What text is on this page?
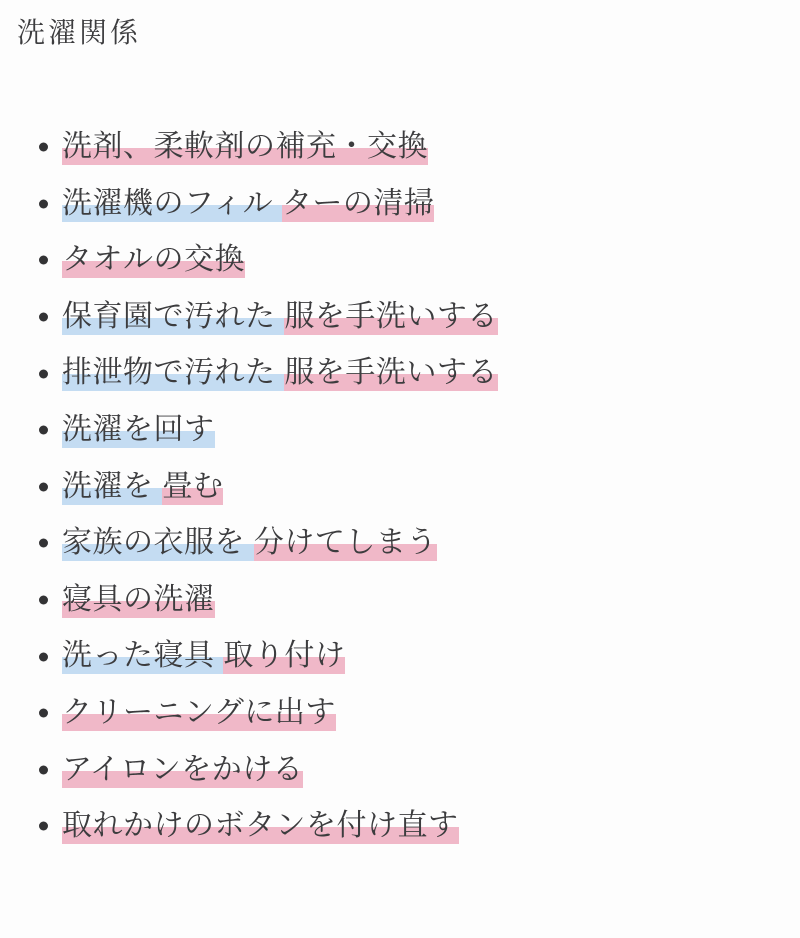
洗濯関係
洗剤、柔軟剤の補充・交換
洗濯機のフィル ターの清掃
タオルの交換
保育園で汚れた 服を手洗いする
排泄物で汚れた 服を手洗いする
洗濯を回す
洗濯を 畳む
家族の衣服を 分けてしまう
寝具の洗濯
洗った寝具 取り付け
クリーニングに出す
アイロンをかける
取れかけのボタンを付け直す
